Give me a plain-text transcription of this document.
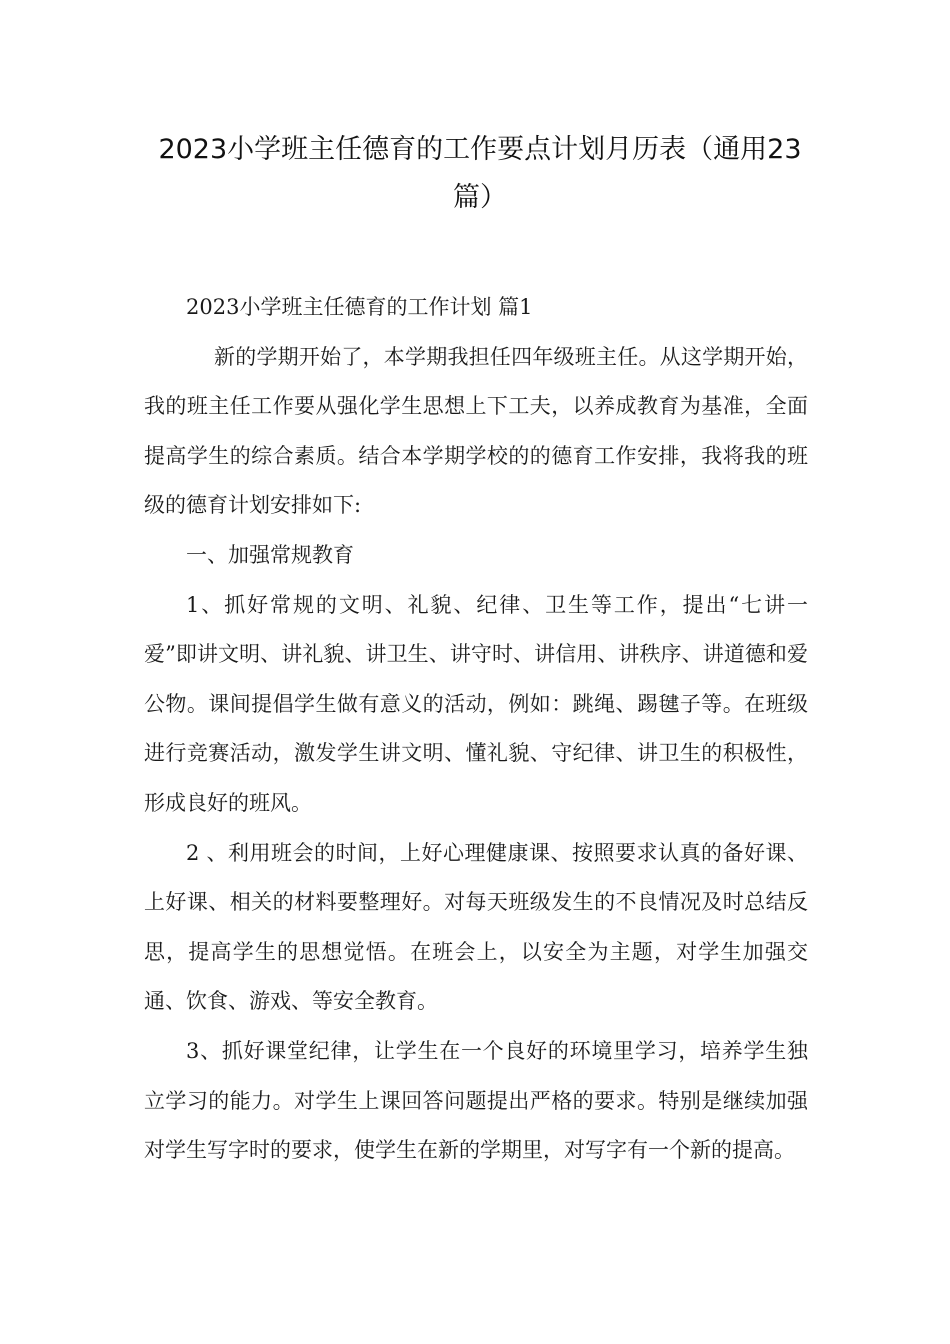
2023小学班主任德育的工作要点计划月历表（通用23篇）

2023小学班主任德育的工作计划 篇1

新的学期开始了，本学期我担任四年级班主任。从这学期开始，我的班主任工作要从强化学生思想上下工夫，以养成教育为基准，全面提高学生的综合素质。结合本学期学校的的德育工作安排，我将我的班级的德育计划安排如下:

一、加强常规教育

1、抓好常规的文明、礼貌、纪律、卫生等工作，提出“七讲一爱”即讲文明、讲礼貌、讲卫生、讲守时、讲信用、讲秩序、讲道德和爱公物。课间提倡学生做有意义的活动，例如：跳绳、踢毽子等。在班级进行竞赛活动，激发学生讲文明、懂礼貌、守纪律、讲卫生的积极性，形成良好的班风。

2 、利用班会的时间，上好心理健康课、按照要求认真的备好课、上好课、相关的材料要整理好。对每天班级发生的不良情况及时总结反思，提高学生的思想觉悟。在班会上，以安全为主题，对学生加强交通、饮食、游戏、等安全教育。

3、抓好课堂纪律，让学生在一个良好的环境里学习，培养学生独立学习的能力。对学生上课回答问题提出严格的要求。特别是继续加强对学生写字时的要求，使学生在新的学期里，对写字有一个新的提高。
